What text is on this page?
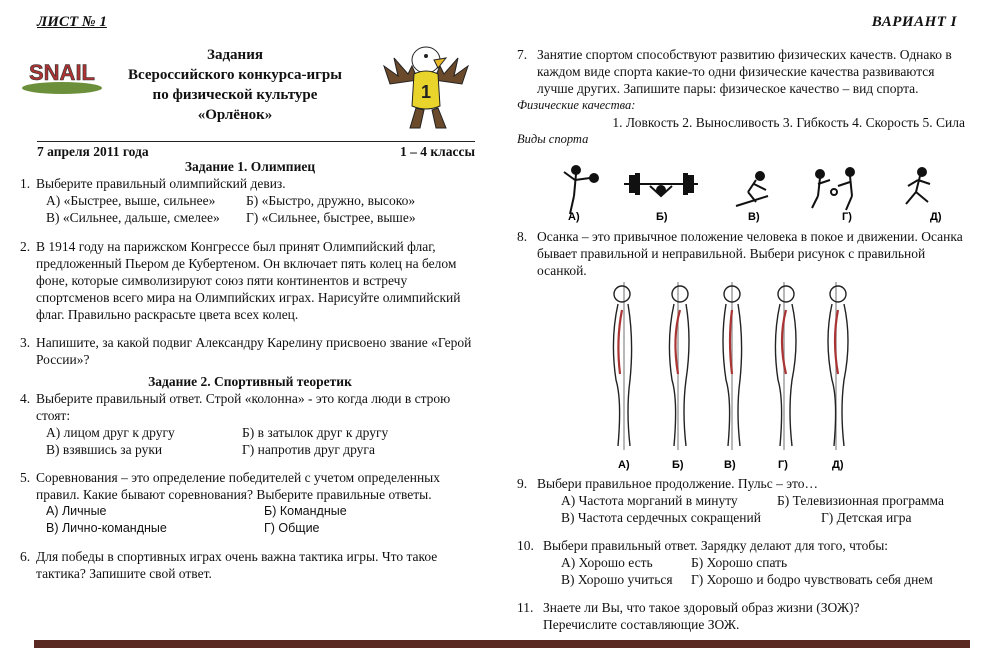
ЛИСТ № 1	ВАРИАНТ I
SNAIL
Задания
Всероссийского конкурса-игры
по физической культуре
«Орлёнок»
1
7 апреля 2011 года	1 – 4 классы
Задание 1. Олимпиец
1. Выберите правильный олимпийский девиз.
А) «Быстрее, выше, сильнее»	Б) «Быстро, дружно, высоко»
В) «Сильнее, дальше, смелее»	Г) «Сильнее, быстрее, выше»
2. В 1914 году на парижском Конгрессе был принят Олимпийский флаг, предложенный Пьером де Кубертеном. Он включает пять колец на белом фоне, которые символизируют союз пяти континентов и встречу спортсменов всего мира на Олимпийских играх. Нарисуйте олимпийский флаг. Правильно раскрасьте цвета всех колец.
3. Напишите, за какой подвиг Александру Карелину присвоено звание «Герой России»?
Задание 2. Спортивный теоретик
4. Выберите правильный ответ. Строй «колонна» - это когда люди в строю стоят:
А) лицом друг к другу	Б) в затылок друг к другу
В) взявшись за руки	Г) напротив друг друга
5. Соревнования – это определение победителей с учетом определенных правил. Какие бывают соревнования? Выберите правильные ответы.
А) Личные	Б) Командные
В) Лично-командные	Г) Общие
6. Для победы в спортивных играх очень важна тактика игры. Что такое тактика? Запишите свой ответ.
7. Занятие спортом способствуют развитию физических качеств. Однако в каждом виде спорта какие-то одни физические качества развиваются лучше других. Запишите пары: физическое качество – вид спорта.
Физические качества:
1. Ловкость 2. Выносливость 3. Гибкость 4. Скорость 5. Сила
Виды спорта
А)	Б)	В)	Г)	Д)
8. Осанка – это привычное положение человека в покое и движении. Осанка бывает правильной и неправильной. Выбери рисунок с правильной осанкой.
А)	Б)	В)	Г)	Д)
9. Выбери правильное продолжение. Пульс – это…
А) Частота морганий в минуту	Б) Телевизионная программа
В) Частота сердечных сокращений	Г) Детская игра
10. Выбери правильный ответ. Зарядку делают для того, чтобы:
А) Хорошо есть	Б) Хорошо спать
В) Хорошо учиться	Г) Хорошо и бодро чувствовать себя днем
11. Знаете ли Вы, что такое здоровый образ жизни (ЗОЖ)? Перечислите составляющие ЗОЖ.
